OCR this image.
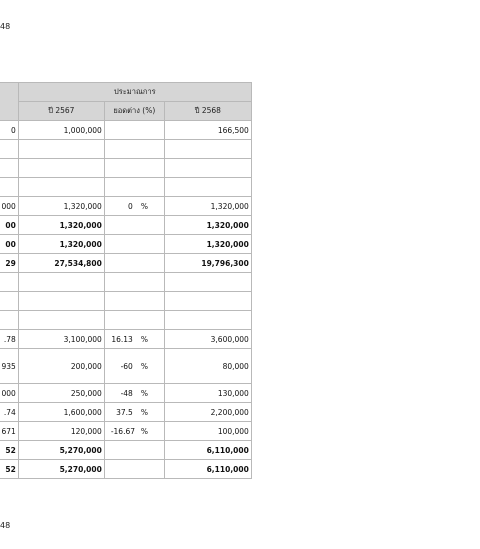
48
	ประมาณการ		
	ปี 2567	ยอดต่าง (%)	ปี 2568
0	1,000,000		166,500

000	1,320,000	0 %	1,320,000
00	1,320,000		1,320,000
00	1,320,000		1,320,000
29	27,534,800		19,796,300

.78	3,100,000	16.13 %	3,600,000
935	200,000	-60 %	80,000
000	250,000	-48 %	130,000
.74	1,600,000	37.5 %	2,200,000
671	120,000	-16.67 %	100,000
52	5,270,000		6,110,000
52	5,270,000		6,110,000
48
